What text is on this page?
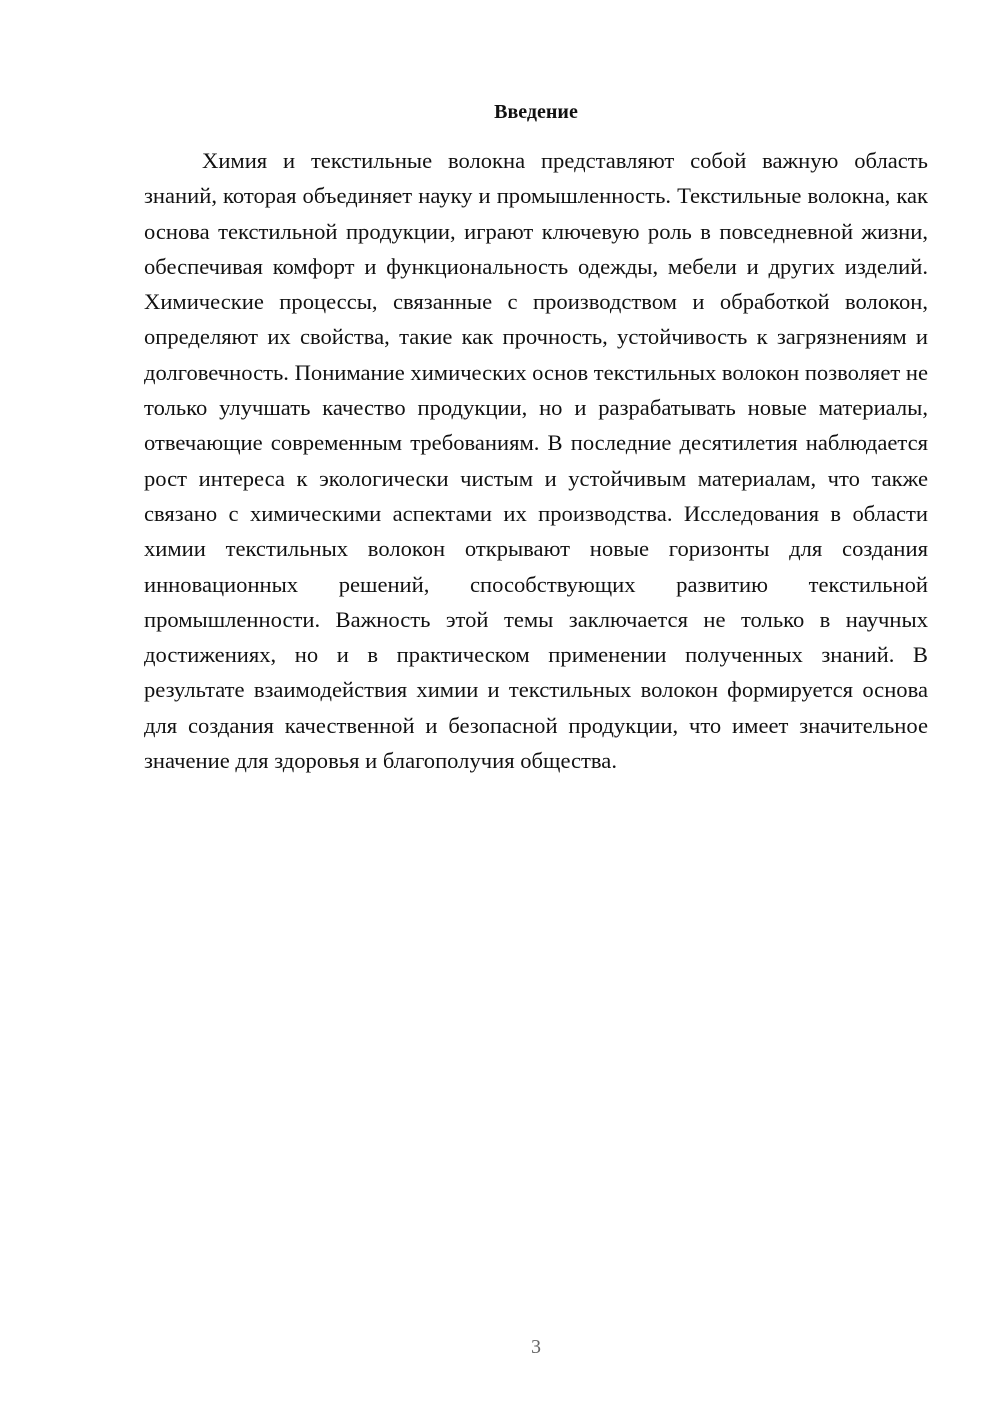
Введение

Химия и текстильные волокна представляют собой важную область знаний, которая объединяет науку и промышленность. Текстильные волокна, как основа текстильной продукции, играют ключевую роль в повседневной жизни, обеспечивая комфорт и функциональность одежды, мебели и других изделий. Химические процессы, связанные с производством и обработкой волокон, определяют их свойства, такие как прочность, устойчивость к загрязнениям и долговечность. Понимание химических основ текстильных волокон позволяет не только улучшать качество продукции, но и разрабатывать новые материалы, отвечающие современным требованиям. В последние десятилетия наблюдается рост интереса к экологически чистым и устойчивым материалам, что также связано с химическими аспектами их производства. Исследования в области химии текстильных волокон открывают новые горизонты для создания инновационных решений, способствующих развитию текстильной промышленности. Важность этой темы заключается не только в научных достижениях, но и в практическом применении полученных знаний. В результате взаимодействия химии и текстильных волокон формируется основа для создания качественной и безопасной продукции, что имеет значительное значение для здоровья и благополучия общества.

3
